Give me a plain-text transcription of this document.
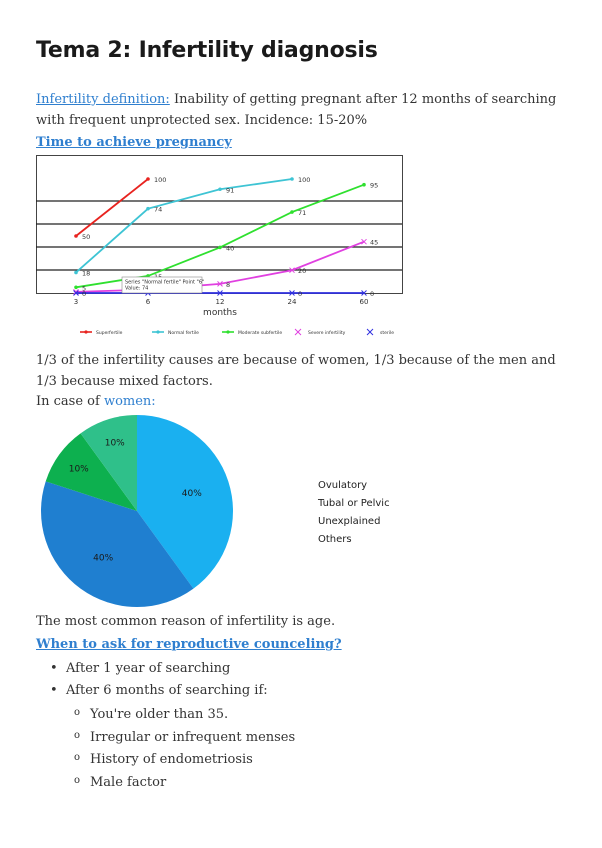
Tema 2: Infertility diagnosis
Infertility definition: Inability of getting pregnant after 12 months of searching with frequent unprotected sex. Incidence: 15-20%
Time to achieve pregnancy
3	6	12	24	60
months
50
100
18
74
91
100
5
40
71
95
20
45
8
0	0	0
Series "Normal fertile" Point "6"
Value: 74
Superfertile	Normal fertile	Moderate subfertile	Severe infertility	sterile
1/3 of the infertility causes are because of women, 1/3 because of the men and 1/3 because mixed factors.
In case of women:
40%
40%
10%
10%
Ovulatory
Tubal or Pelvic
Unexplained
Others
The most common reason of infertility is age.
When to ask for reproductive counceling?
• After 1 year of searching
• After 6 months of searching if:
o You're older than 35.
o Irregular or infrequent menses
o History of endometriosis
o Male factor
